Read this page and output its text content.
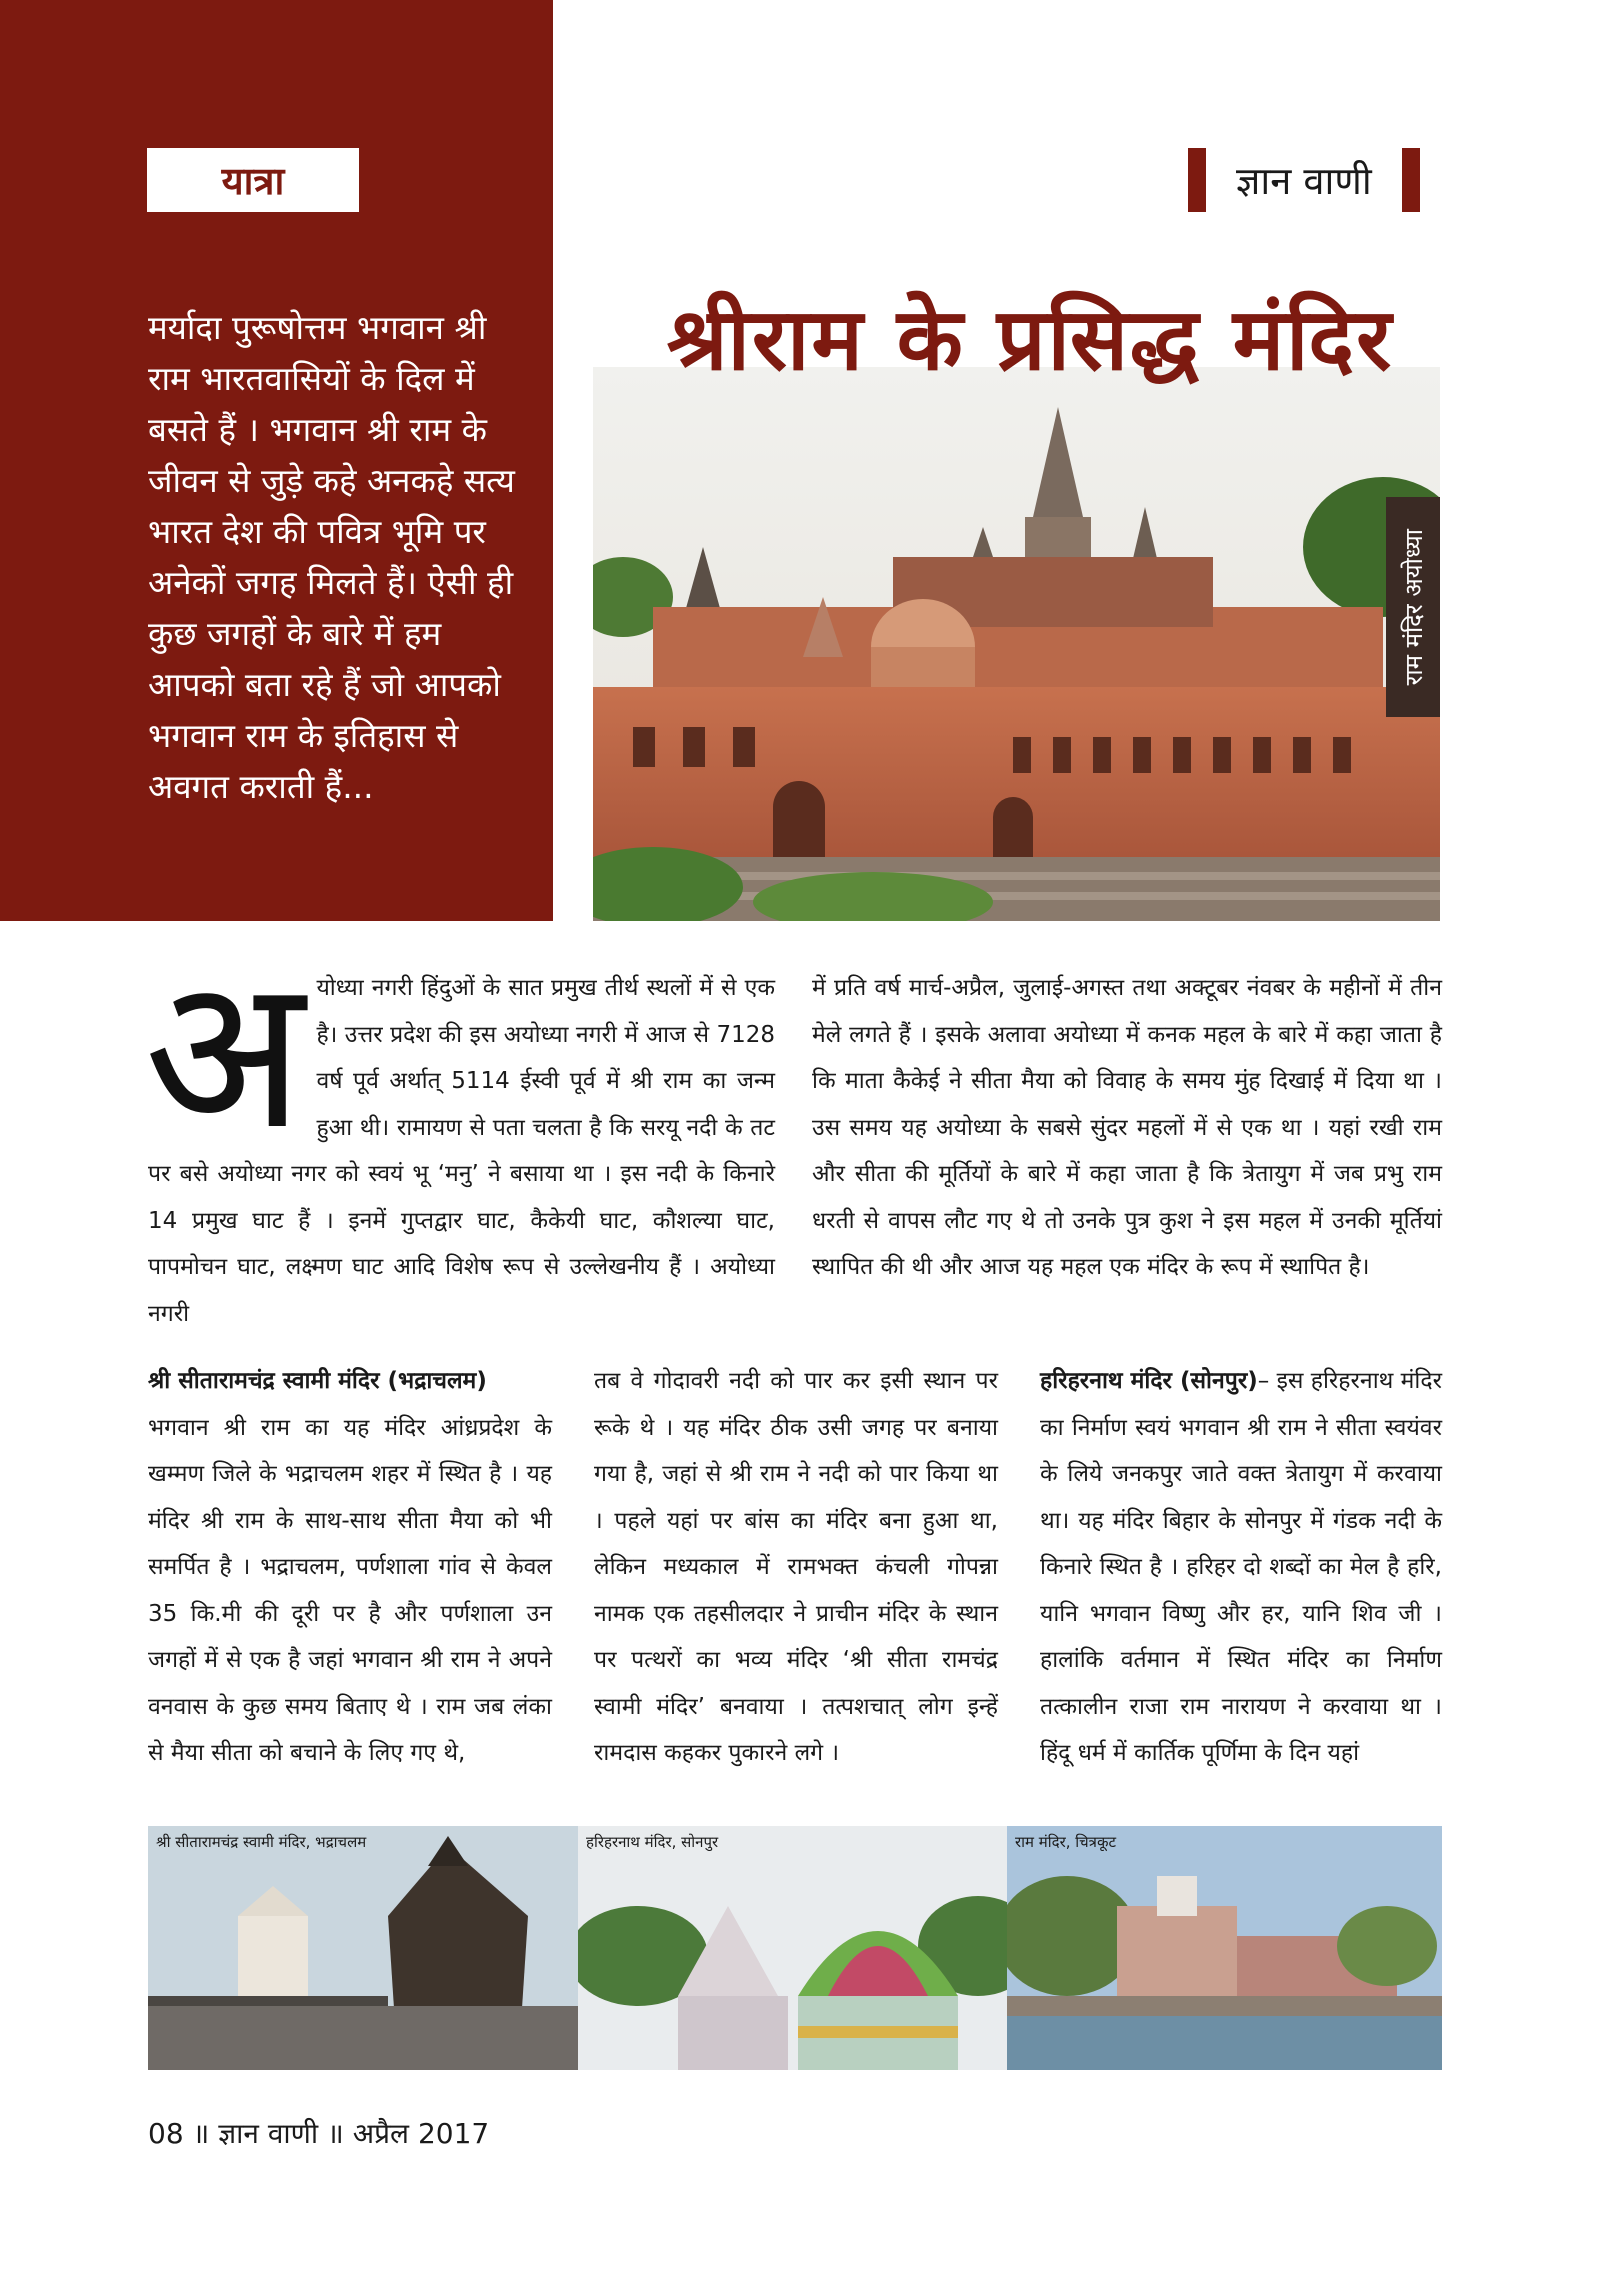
यात्रा
मर्यादा पुरूषोत्तम भगवान श्री राम भारतवासियों के दिल में बसते हैं । भगवान श्री राम के जीवन से जुड़े कहे अनकहे सत्य भारत देश की पवित्र भूमि पर अनेकों जगह मिलते हैं। ऐसी ही कुछ जगहों के बारे में हम आपको बता रहे हैं जो आपको भगवान राम के इतिहास से अवगत कराती हैं...
ज्ञान वाणी
राम मंदिर अयोध्या
श्रीराम के प्रसिद्ध मंदिर
अयोध्या नगरी हिंदुओं के सात प्रमुख तीर्थ स्थलों में से एक है। उत्तर प्रदेश की इस अयोध्या नगरी में आज से 7128 वर्ष पूर्व अर्थात् 5114 ईस्वी पूर्व में श्री राम का जन्म हुआ थी। रामायण से पता चलता है कि सरयू नदी के तट पर बसे अयोध्या नगर को स्वयं भू ‘मनु’ ने बसाया था । इस नदी के किनारे 14 प्रमुख घाट हैं । इनमें गुप्तद्वार घाट, कैकेयी घाट, कौशल्या घाट, पापमोचन घाट, लक्ष्मण घाट आदि विशेष रूप से उल्लेखनीय हैं । अयोध्या नगरी
में प्रति वर्ष मार्च-अप्रैल, जुलाई-अगस्त तथा अक्टूबर नंवबर के महीनों में तीन मेले लगते हैं । इसके अलावा अयोध्या में कनक महल के बारे में कहा जाता है कि माता कैकेई ने सीता मैया को विवाह के समय मुंह दिखाई में दिया था । उस समय यह अयोध्या के सबसे सुंदर महलों में से एक था । यहां रखी राम और सीता की मूर्तियों के बारे में कहा जाता है कि त्रेतायुग में जब प्रभु राम धरती से वापस लौट गए थे तो उनके पुत्र कुश ने इस महल में उनकी मूर्तियां स्थापित की थी और आज यह महल एक मंदिर के रूप में स्थापित है।
श्री सीतारामचंद्र स्वामी मंदिर (भद्राचलम)
भगवान श्री राम का यह मंदिर आंध्रप्रदेश के खम्मण जिले के भद्राचलम शहर में स्थित है । यह मंदिर श्री राम के साथ-साथ सीता मैया को भी समर्पित है । भद्राचलम, पर्णशाला गांव से केवल 35 कि.मी की दूरी पर है और पर्णशाला उन जगहों में से एक है जहां भगवान श्री राम ने अपने वनवास के कुछ समय बिताए थे । राम जब लंका से मैया सीता को बचाने के लिए गए थे,
तब वे गोदावरी नदी को पार कर इसी स्थान पर रूके थे । यह मंदिर ठीक उसी जगह पर बनाया गया है, जहां से श्री राम ने नदी को पार किया था । पहले यहां पर बांस का मंदिर बना हुआ था, लेकिन मध्यकाल में रामभक्त कंचली गोपन्ना नामक एक तहसीलदार ने प्राचीन मंदिर के स्थान पर पत्थरों का भव्य मंदिर ‘श्री सीता रामचंद्र स्वामी मंदिर’ बनवाया । तत्पशचात् लोग इन्हें रामदास कहकर पुकारने लगे ।
हरिहरनाथ मंदिर (सोनपुर)– इस हरिहरनाथ मंदिर का निर्माण स्वयं भगवान श्री राम ने सीता स्वयंवर के लिये जनकपुर जाते वक्त त्रेतायुग में करवाया था। यह मंदिर बिहार के सोनपुर में गंडक नदी के किनारे स्थित है । हरिहर दो शब्दों का मेल है हरि, यानि भगवान विष्णु और हर, यानि शिव जी । हालांकि वर्तमान में स्थित मंदिर का निर्माण तत्कालीन राजा राम नारायण ने करवाया था । हिंदू धर्म में कार्तिक पूर्णिमा के दिन यहां
श्री सीतारामचंद्र स्वामी मंदिर, भद्राचलम	हरिहरनाथ मंदिर, सोनपुर	राम मंदिर, चित्रकूट
08 ॥ ज्ञान वाणी ॥ अप्रैल 2017
